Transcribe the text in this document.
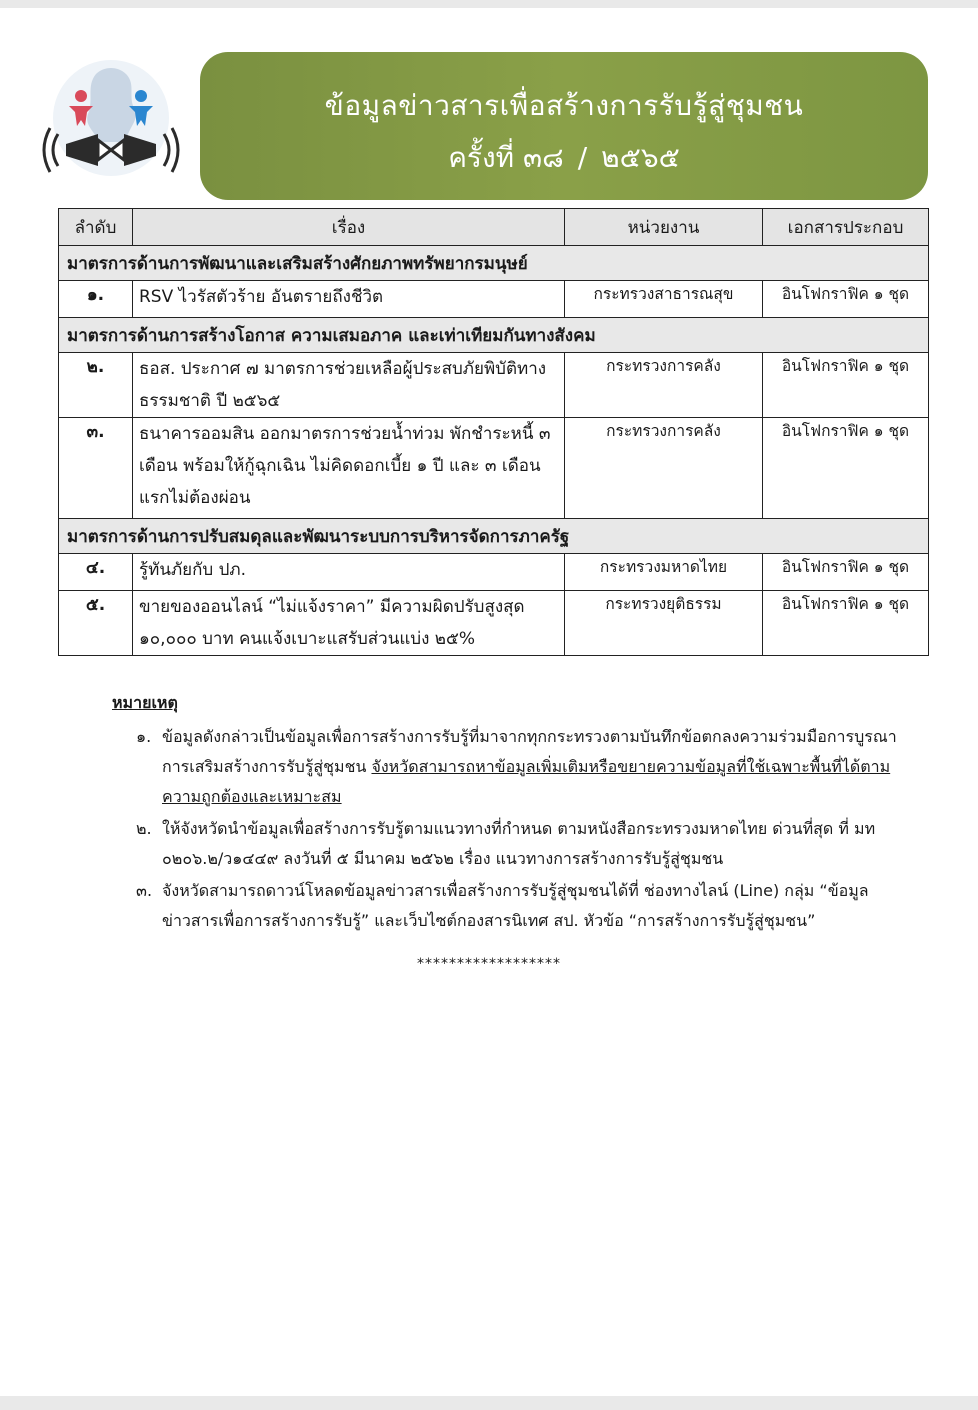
ข้อมูลข่าวสารเพื่อสร้างการรับรู้สู่ชุมชน
ครั้งที่ ๓๘ / ๒๕๖๕
ลำดับ	เรื่อง	หน่วยงาน	เอกสารประกอบ
มาตรการด้านการพัฒนาและเสริมสร้างศักยภาพทรัพยากรมนุษย์			
๑.	RSV ไวรัสตัวร้าย อันตรายถึงชีวิต	กระทรวงสาธารณสุข	อินโฟกราฟิค ๑ ชุด
มาตรการด้านการสร้างโอกาส ความเสมอภาค และเท่าเทียมกันทางสังคม			
๒.	ธอส. ประกาศ ๗ มาตรการช่วยเหลือผู้ประสบภัยพิบัติทางธรรมชาติ ปี ๒๕๖๕	กระทรวงการคลัง	อินโฟกราฟิค ๑ ชุด
๓.	ธนาคารออมสิน ออกมาตรการช่วยน้ำท่วม พักชำระหนี้ ๓ เดือน พร้อมให้กู้ฉุกเฉิน ไม่คิดดอกเบี้ย ๑ ปี และ ๓ เดือนแรกไม่ต้องผ่อน	กระทรวงการคลัง	อินโฟกราฟิค ๑ ชุด
มาตรการด้านการปรับสมดุลและพัฒนาระบบการบริหารจัดการภาครัฐ			
๔.	รู้ทันภัยกับ ปภ.	กระทรวงมหาดไทย	อินโฟกราฟิค ๑ ชุด
๕.	ขายของออนไลน์ “ไม่แจ้งราคา” มีความผิดปรับสูงสุด ๑๐,๐๐๐ บาท คนแจ้งเบาะแสรับส่วนแบ่ง ๒๕%	กระทรวงยุติธรรม	อินโฟกราฟิค ๑ ชุด
หมายเหตุ
๑. ข้อมูลดังกล่าวเป็นข้อมูลเพื่อการสร้างการรับรู้ที่มาจากทุกกระทรวงตามบันทึกข้อตกลงความร่วมมือการบูรณาการเสริมสร้างการรับรู้สู่ชุมชน จังหวัดสามารถหาข้อมูลเพิ่มเติมหรือขยายความข้อมูลที่ใช้เฉพาะพื้นที่ได้ตามความถูกต้องและเหมาะสม
๒. ให้จังหวัดนำข้อมูลเพื่อสร้างการรับรู้ตามแนวทางที่กำหนด ตามหนังสือกระทรวงมหาดไทย ด่วนที่สุด ที่ มท ๐๒๐๖.๒/ว๑๔๔๙ ลงวันที่ ๕ มีนาคม ๒๕๖๒ เรื่อง แนวทางการสร้างการรับรู้สู่ชุมชน
๓. จังหวัดสามารถดาวน์โหลดข้อมูลข่าวสารเพื่อสร้างการรับรู้สู่ชุมชนได้ที่ ช่องทางไลน์ (Line) กลุ่ม “ข้อมูลข่าวสารเพื่อการสร้างการรับรู้” และเว็บไซต์กองสารนิเทศ สป. หัวข้อ “การสร้างการรับรู้สู่ชุมชน”
******************
